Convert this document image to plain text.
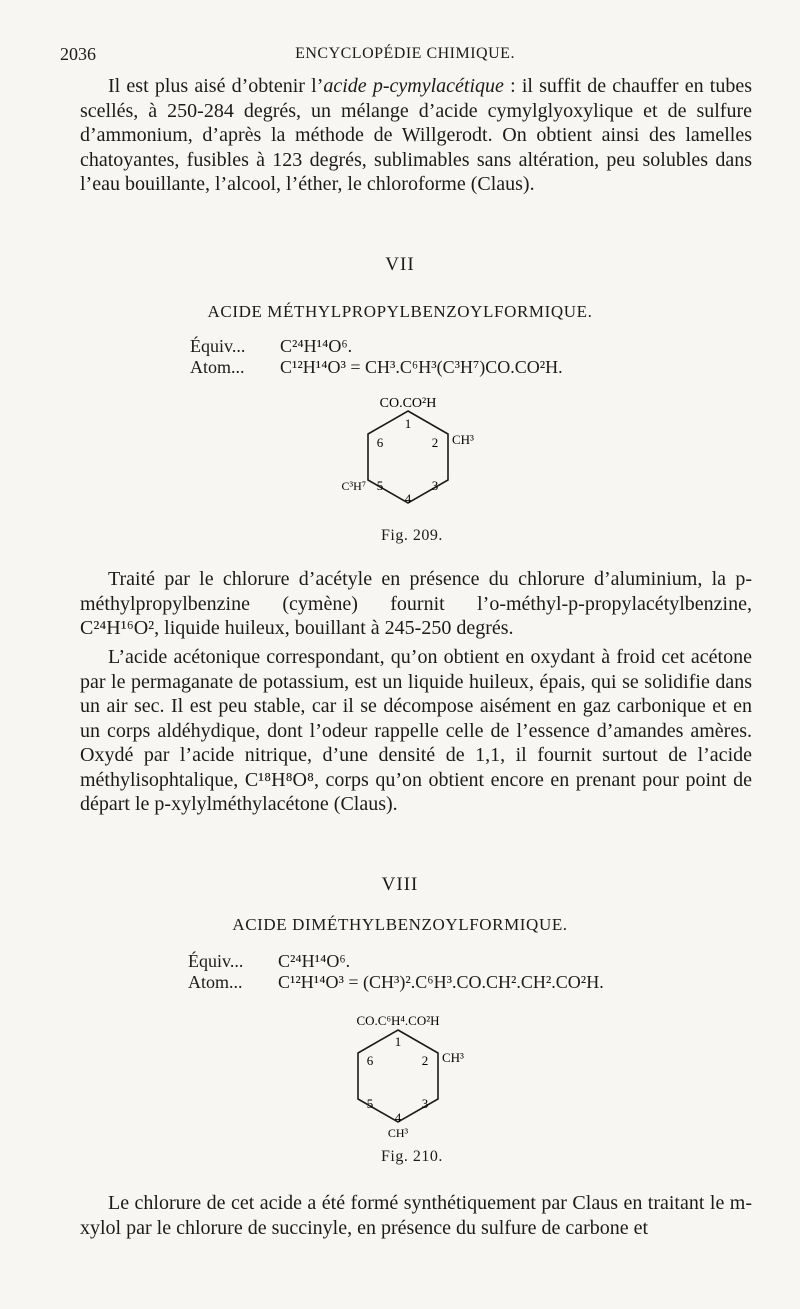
2036	ENCYCLOPÉDIE CHIMIQUE.

Il est plus aisé d’obtenir l’acide p-cymylacétique : il suffit de chauffer en tubes scellés, à 250-284 degrés, un mélange d’acide cymylglyoxylique et de sulfure d’ammonium, d’après la méthode de Willgerodt. On obtient ainsi des lamelles chatoyantes, fusibles à 123 degrés, sublimables sans altération, peu solubles dans l’eau bouillante, l’alcool, l’éther, le chloroforme (Claus).

VII
ACIDE MÉTHYLPROPYLBENZOYLFORMIQUE.
Équiv... C²⁴H¹⁴O⁶.
Atom... C¹²H¹⁴O³ = CH³.C⁶H³(C³H⁷)CO.CO²H.
CO.CO²H
1
2
3
4
5
6	CH³
C³H⁷
Fig. 209.

Traité par le chlorure d’acétyle en présence du chlorure d’aluminium, la p-méthylpropylbenzine (cymène) fournit l’o-méthyl-p-propylacétylbenzine, C²⁴H¹⁶O², liquide huileux, bouillant à 245-250 degrés.

L’acide acétonique correspondant, qu’on obtient en oxydant à froid cet acétone par le permaganate de potassium, est un liquide huileux, épais, qui se solidifie dans un air sec. Il est peu stable, car il se décompose aisément en gaz carbonique et en un corps aldéhydique, dont l’odeur rappelle celle de l’essence d’amandes amères. Oxydé par l’acide nitrique, d’une densité de 1,1, il fournit surtout de l’acide méthylisophtalique, C¹⁸H⁸O⁸, corps qu’on obtient encore en prenant pour point de départ le p-xylylméthylacétone (Claus).

VIII
ACIDE DIMÉTHYLBENZOYLFORMIQUE.
Équiv... C²⁴H¹⁴O⁶.
Atom... C¹²H¹⁴O³ = (CH³)².C⁶H³.CO.CH².CH².CO²H.
CO.C⁶H⁴.CO²H
1
2
3
4
5
6	CH³
CH³
Fig. 210.

Le chlorure de cet acide a été formé synthétiquement par Claus en traitant le m-xylol par le chlorure de succinyle, en présence du sulfure de carbone et
